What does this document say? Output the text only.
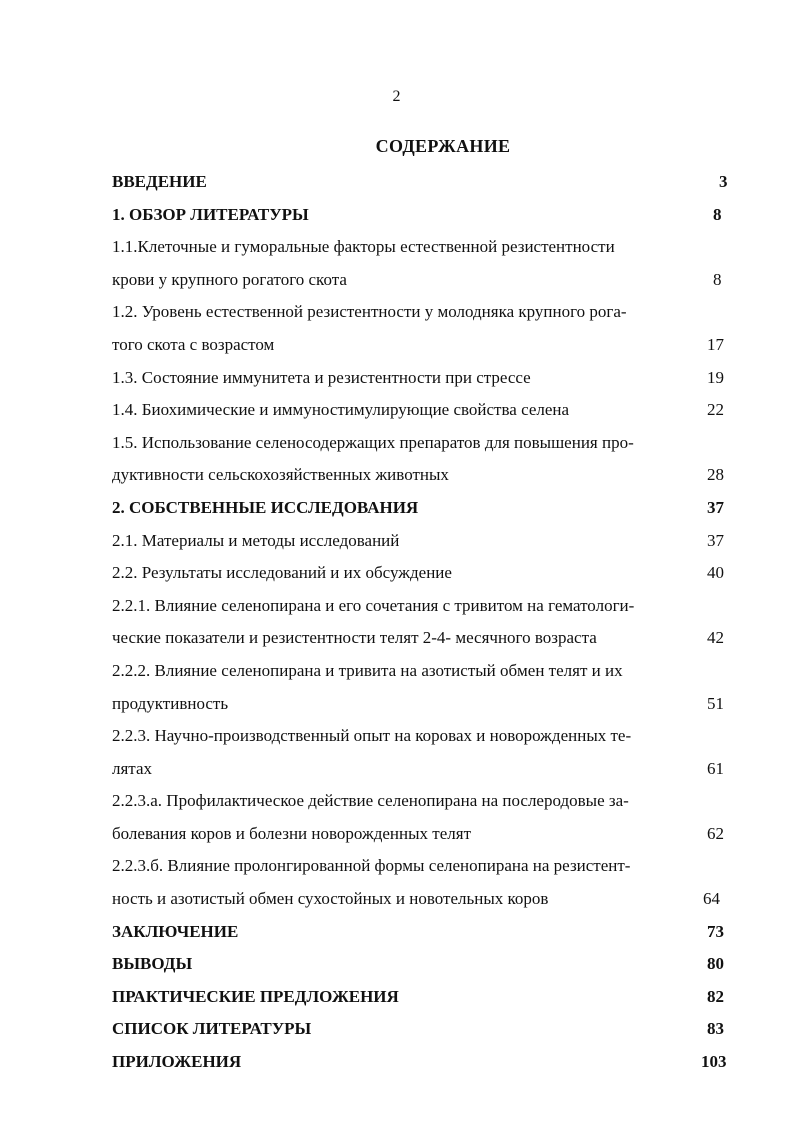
2
СОДЕРЖАНИЕ
ВВЕДЕНИЕ	3
1. ОБЗОР ЛИТЕРАТУРЫ	8
1.1.Клеточные и гуморальные факторы естественной резистентности
крови у крупного рогатого скота	8
1.2. Уровень естественной резистентности у молодняка крупного рога-
того скота с возрастом	17
1.3. Состояние иммунитета и резистентности при стрессе	19
1.4. Биохимические и иммуностимулирующие свойства селена	22
1.5. Использование селеносодержащих препаратов для повышения про-
дуктивности сельскохозяйственных животных	28
2. СОБСТВЕННЫЕ ИССЛЕДОВАНИЯ	37
2.1. Материалы и методы исследований	37
2.2. Результаты исследований и их обсуждение	40
2.2.1. Влияние селенопирана и его сочетания с тривитом на гематологи-
ческие показатели и резистентности телят 2-4- месячного возраста	42
2.2.2. Влияние селенопирана и тривита на азотистый обмен телят и их
продуктивность	51
2.2.3. Научно-производственный опыт на коровах и новорожденных те-
лятах	61
2.2.3.а. Профилактическое действие селенопирана на послеродовые за-
болевания коров и болезни новорожденных телят	62
2.2.3.б. Влияние пролонгированной формы селенопирана на резистент-
ность и азотистый обмен сухостойных и новотельных коров	64
ЗАКЛЮЧЕНИЕ	73
ВЫВОДЫ	80
ПРАКТИЧЕСКИЕ ПРЕДЛОЖЕНИЯ	82
СПИСОК ЛИТЕРАТУРЫ	83
ПРИЛОЖЕНИЯ	103
